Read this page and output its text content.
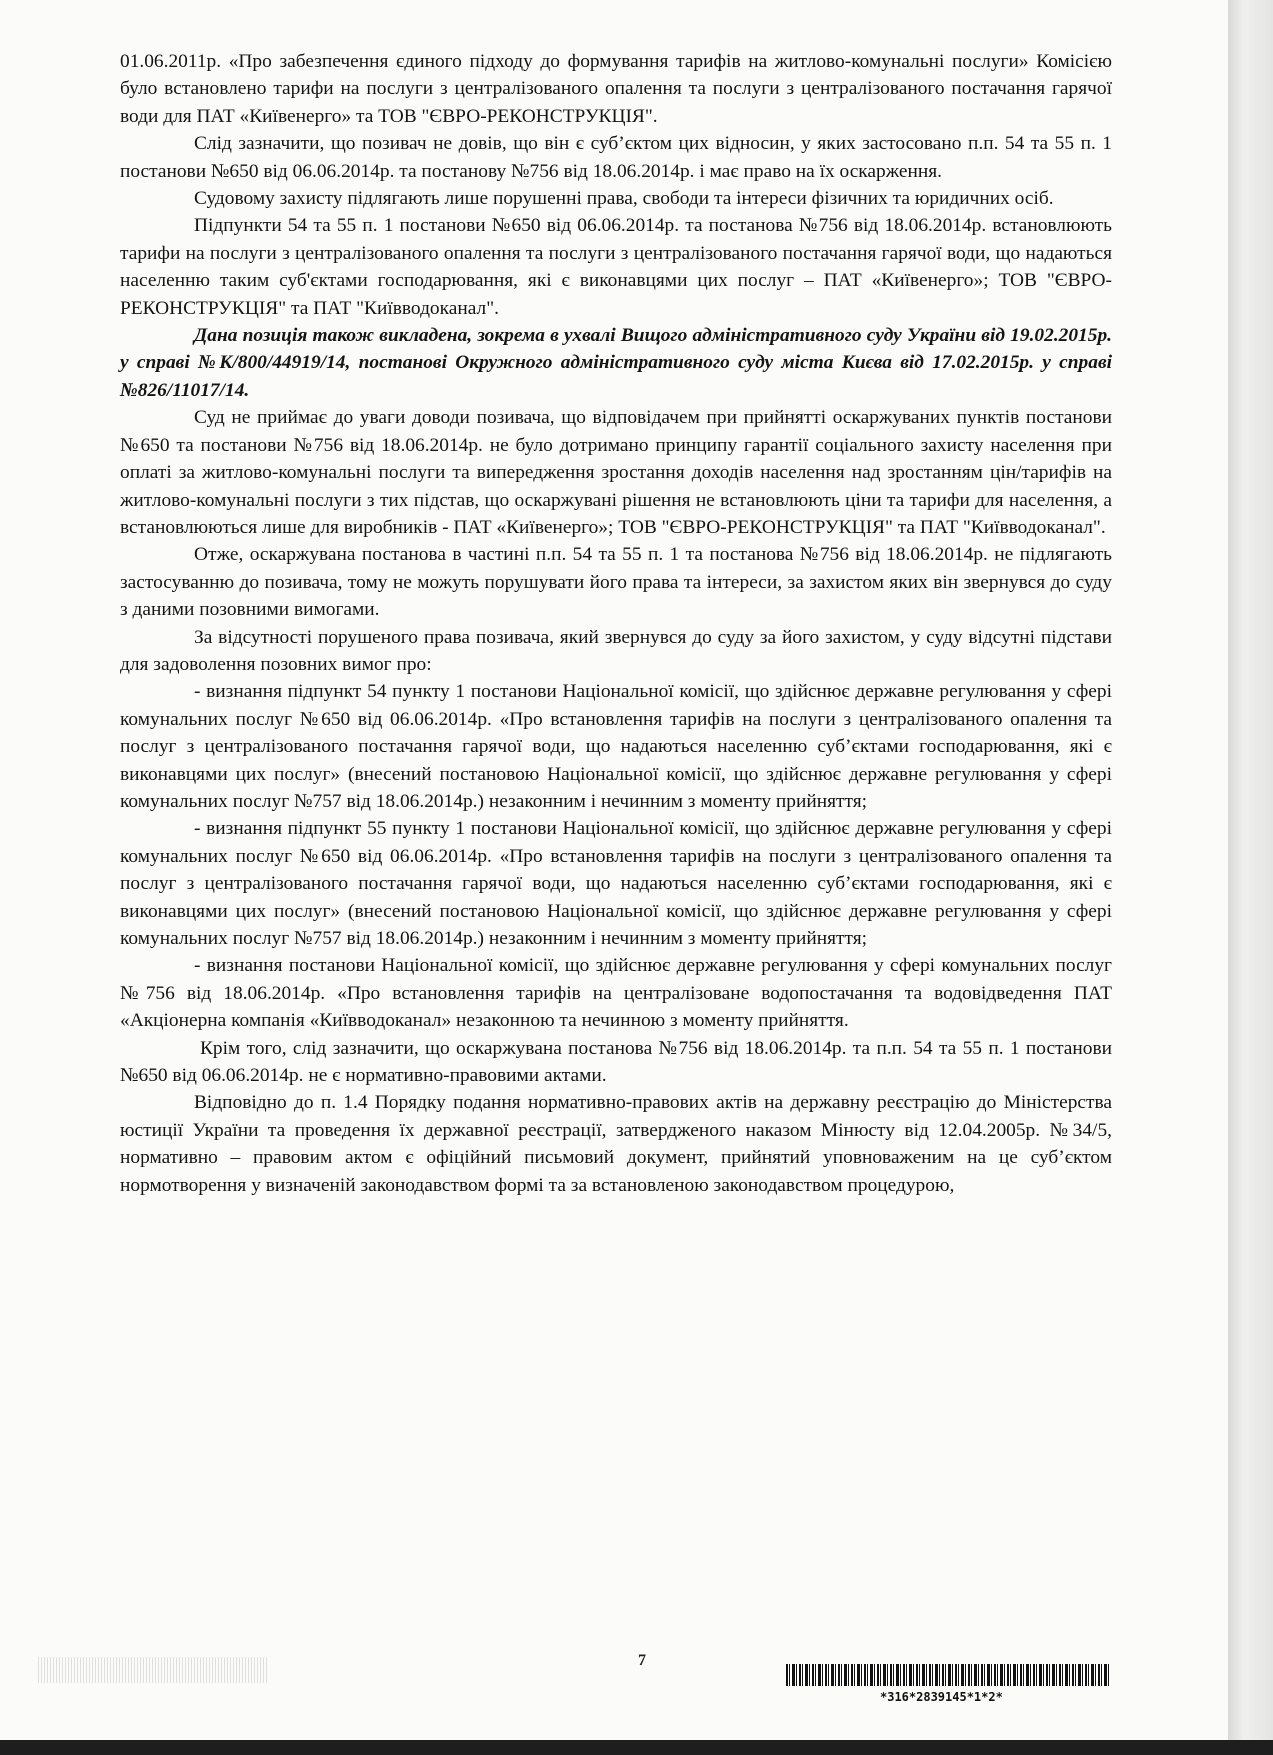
01.06.2011р. «Про забезпечення єдиного підходу до формування тарифів на житлово-комунальні послуги» Комісією було встановлено тарифи на послуги з централізованого опалення та послуги з централізованого постачання гарячої води для ПАТ «Київенерго» та ТОВ "ЄВРО-РЕКОНСТРУКЦІЯ".

Слід зазначити, що позивач не довів, що він є суб’єктом цих відносин, у яких застосовано п.п. 54 та 55 п. 1 постанови №650 від 06.06.2014р. та постанову №756 від 18.06.2014р. і має право на їх оскарження.

Судовому захисту підлягають лише порушенні права, свободи та інтереси фізичних та юридичних осіб.

Підпункти 54 та 55 п. 1 постанови №650 від 06.06.2014р. та постанова №756 від 18.06.2014р. встановлюють тарифи на послуги з централізованого опалення та послуги з централізованого постачання гарячої води, що надаються населенню таким суб'єктами господарювання, які є виконавцями цих послуг – ПАТ «Київенерго»; ТОВ "ЄВРО-РЕКОНСТРУКЦІЯ" та ПАТ "Київводоканал".

Дана позиція також викладена, зокрема в ухвалі Вищого адміністративного суду України від 19.02.2015р. у справі №К/800/44919/14, постанові Окружного адміністративного суду міста Києва від 17.02.2015р. у справі №826/11017/14.

Суд не приймає до уваги доводи позивача, що відповідачем при прийнятті оскаржуваних пунктів постанови №650 та постанови №756 від 18.06.2014р. не було дотримано принципу гарантії соціального захисту населення при оплаті за житлово-комунальні послуги та випередження зростання доходів населення над зростанням цін/тарифів на житлово-комунальні послуги з тих підстав, що оскаржувані рішення не встановлюють ціни та тарифи для населення, а встановлюються лише для виробників - ПАТ «Київенерго»; ТОВ "ЄВРО-РЕКОНСТРУКЦІЯ" та ПАТ "Київводоканал".

Отже, оскаржувана постанова в частині п.п. 54 та 55 п. 1 та постанова №756 від 18.06.2014р. не підлягають застосуванню до позивача, тому не можуть порушувати його права та інтереси, за захистом яких він звернувся до суду з даними позовними вимогами.

За відсутності порушеного права позивача, який звернувся до суду за його захистом, у суду відсутні підстави для задоволення позовних вимог про:

- визнання підпункт 54 пункту 1 постанови Національної комісії, що здійснює державне регулювання у сфері комунальних послуг №650 від 06.06.2014р. «Про встановлення тарифів на послуги з централізованого опалення та послуг з централізованого постачання гарячої води, що надаються населенню суб’єктами господарювання, які є виконавцями цих послуг» (внесений постановою Національної комісії, що здійснює державне регулювання у сфері комунальних послуг №757 від 18.06.2014р.) незаконним і нечинним з моменту прийняття;

- визнання підпункт 55 пункту 1 постанови Національної комісії, що здійснює державне регулювання у сфері комунальних послуг №650 від 06.06.2014р. «Про встановлення тарифів на послуги з централізованого опалення та послуг з централізованого постачання гарячої води, що надаються населенню суб’єктами господарювання, які є виконавцями цих послуг» (внесений постановою Національної комісії, що здійснює державне регулювання у сфері комунальних послуг №757 від 18.06.2014р.) незаконним і нечинним з моменту прийняття;

- визнання постанови Національної комісії, що здійснює державне регулювання у сфері комунальних послуг №756 від 18.06.2014р. «Про встановлення тарифів на централізоване водопостачання та водовідведення ПАТ «Акціонерна компанія «Київводоканал» незаконною та нечинною з моменту прийняття.

Крім того, слід зазначити, що оскаржувана постанова №756 від 18.06.2014р. та п.п. 54 та 55 п. 1 постанови №650 від 06.06.2014р. не є нормативно-правовими актами.

Відповідно до п. 1.4 Порядку подання нормативно-правових актів на державну реєстрацію до Міністерства юстиції України та проведення їх державної реєстрації, затвердженого наказом Мінюсту від 12.04.2005р. №34/5, нормативно – правовим актом є офіційний письмовий документ, прийнятий уповноваженим на це суб’єктом нормотворення у визначеній законодавством формі та за встановленою законодавством процедурою,

7
*316*2839145*1*2*
